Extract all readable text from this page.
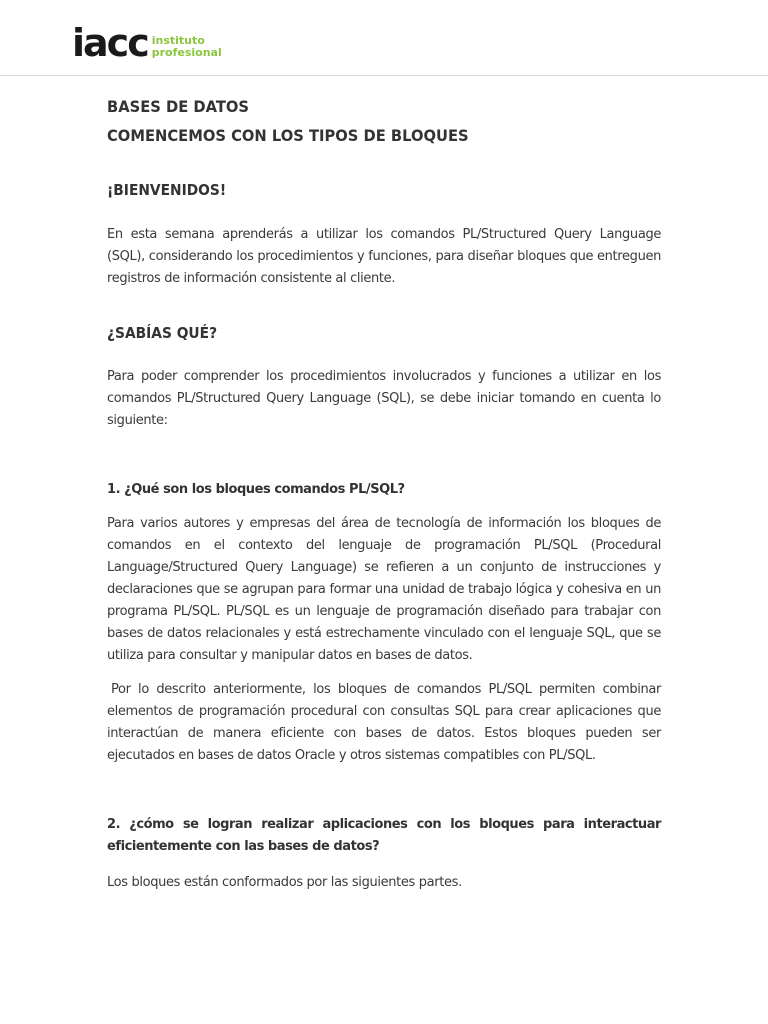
iacc instituto
profesional
BASES DE DATOS
COMENCEMOS CON LOS TIPOS DE BLOQUES
¡BIENVENIDOS!

En esta semana aprenderás a utilizar los comandos PL/Structured Query Language (SQL), considerando los procedimientos y funciones, para diseñar bloques que entreguen registros de información consistente al cliente.

¿SABÍAS QUÉ?

Para poder comprender los procedimientos involucrados y funciones a utilizar en los comandos PL/Structured Query Language (SQL), se debe iniciar tomando en cuenta lo siguiente:

1. ¿Qué son los bloques comandos PL/SQL?

Para varios autores y empresas del área de tecnología de información los bloques de comandos en el contexto del lenguaje de programación PL/SQL (Procedural Language/Structured Query Language) se refieren a un conjunto de instrucciones y declaraciones que se agrupan para formar una unidad de trabajo lógica y cohesiva en un programa PL/SQL. PL/SQL es un lenguaje de programación diseñado para trabajar con bases de datos relacionales y está estrechamente vinculado con el lenguaje SQL, que se utiliza para consultar y manipular datos en bases de datos.

Por lo descrito anteriormente, los bloques de comandos PL/SQL permiten combinar elementos de programación procedural con consultas SQL para crear aplicaciones que interactúan de manera eficiente con bases de datos. Estos bloques pueden ser ejecutados en bases de datos Oracle y otros sistemas compatibles con PL/SQL.

2. ¿cómo se logran realizar aplicaciones con los bloques para interactuar eficientemente con las bases de datos?

Los bloques están conformados por las siguientes partes.
